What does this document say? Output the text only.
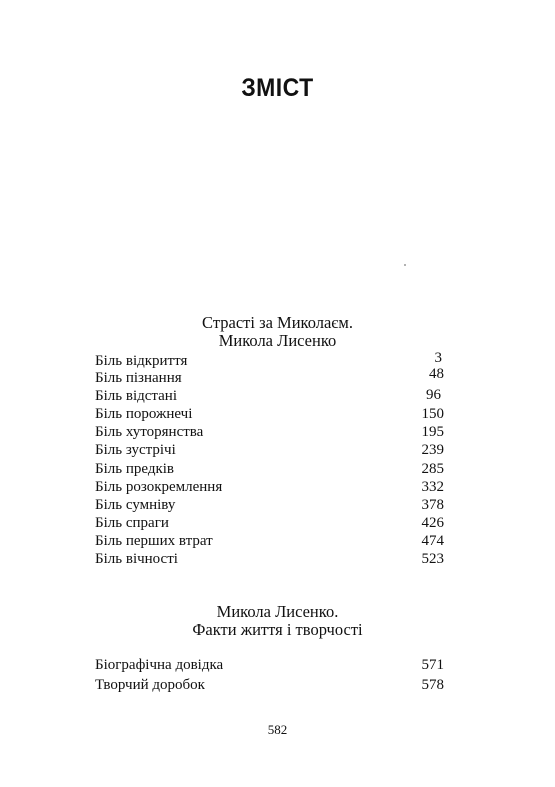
ЗМІСТ
Страсті за Миколаєм.
Микола Лисенко
Біль відкриття	3
Біль пізнання	48
Біль відстані	96
Біль порожнечі	150
Біль хуторянства	195
Біль зустрічі	239
Біль предків	285
Біль розокремлення	332
Біль сумніву	378
Біль спраги	426
Біль перших втрат	474
Біль вічності	523
Микола Лисенко.
Факти життя і творчості
Біографічна довідка	571
Творчий доробок	578
582
